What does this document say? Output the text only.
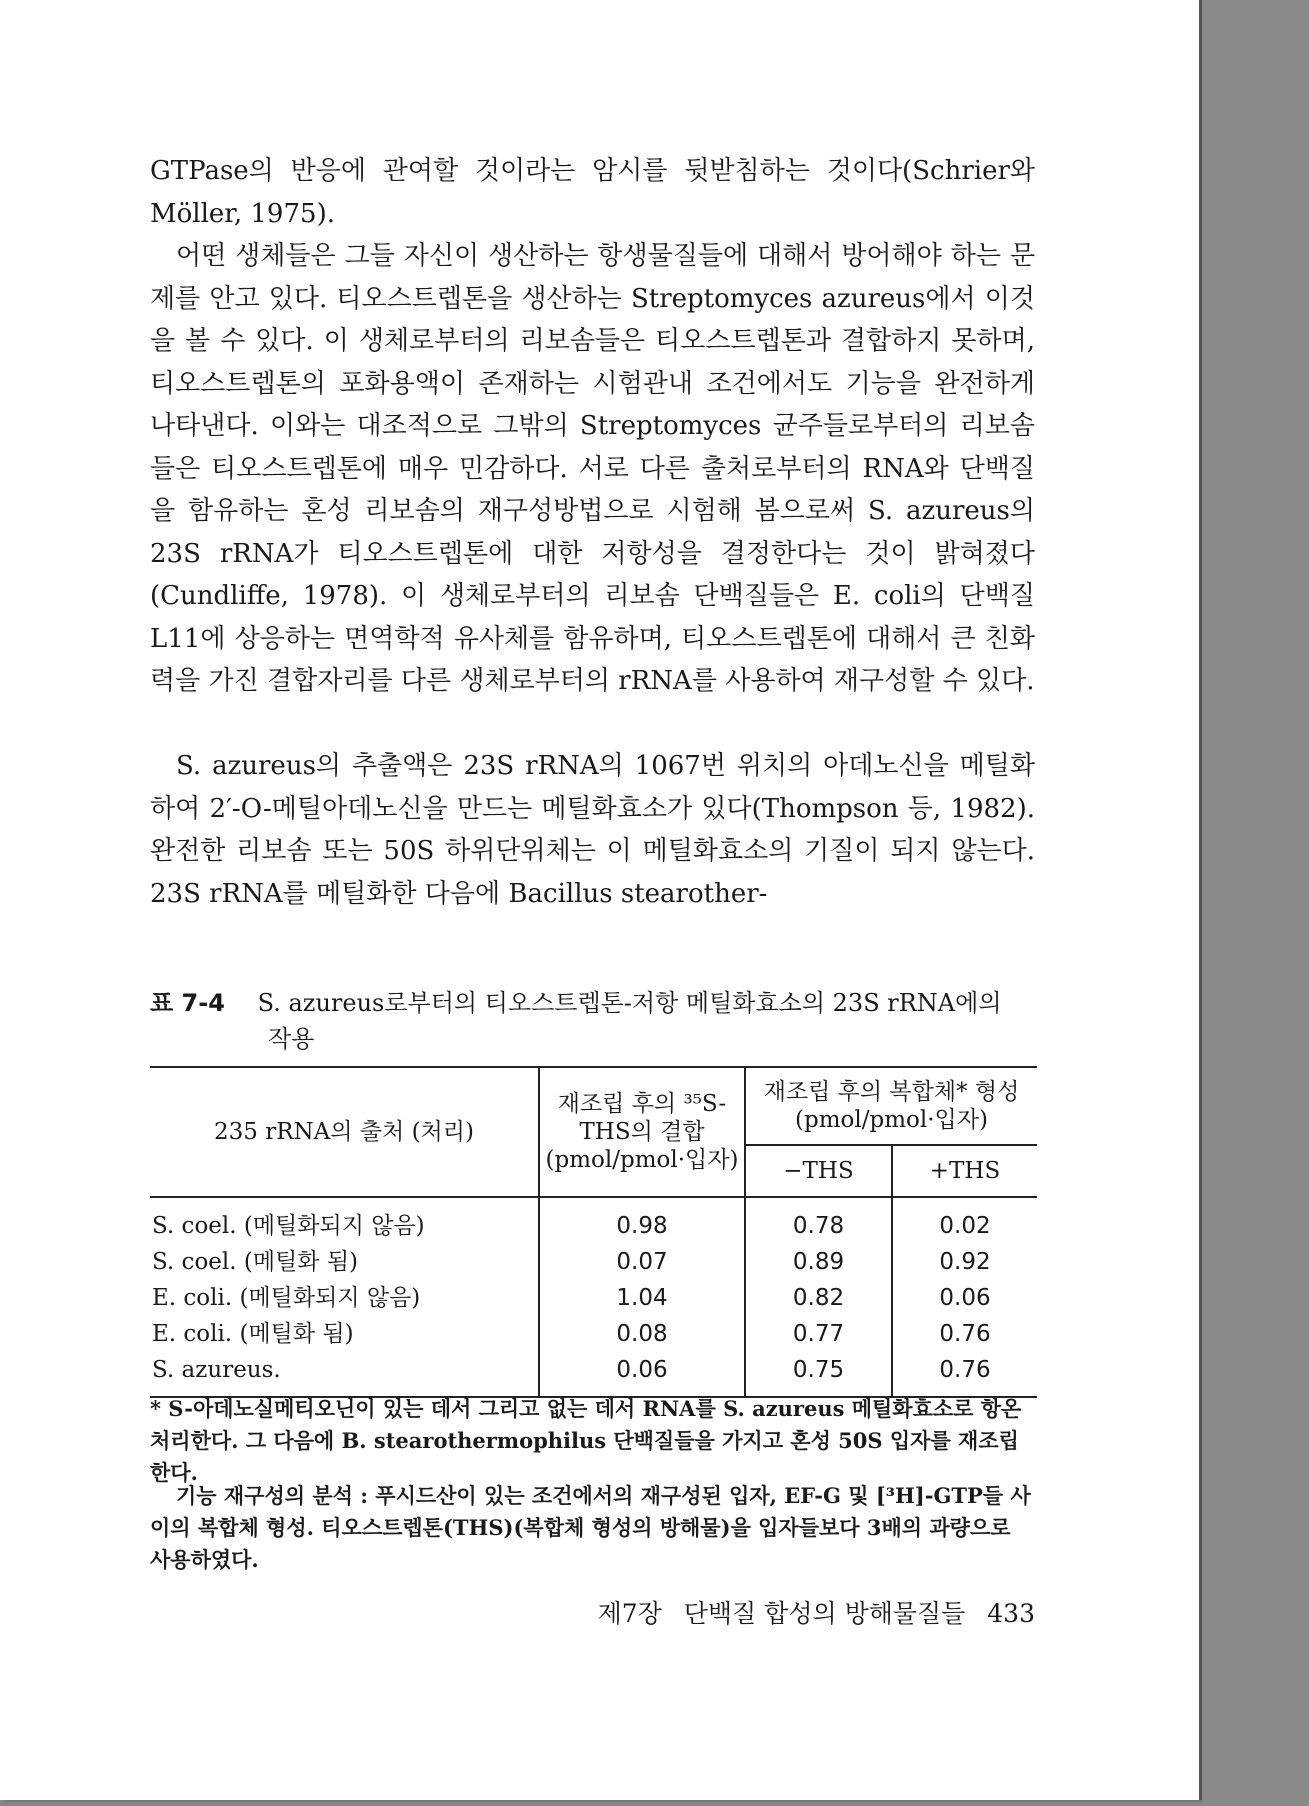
GTPase의 반응에 관여할 것이라는 암시를 뒷받침하는 것이다(Schrier와 Möller, 1975).

어떤 생체들은 그들 자신이 생산하는 항생물질들에 대해서 방어해야 하는 문제를 안고 있다. 티오스트렙톤을 생산하는 Streptomyces azureus에서 이것을 볼 수 있다. 이 생체로부터의 리보솜들은 티오스트렙톤과 결합하지 못하며, 티오스트렙톤의 포화용액이 존재하는 시험관내 조건에서도 기능을 완전하게 나타낸다. 이와는 대조적으로 그밖의 Streptomyces 균주들로부터의 리보솜들은 티오스트렙톤에 매우 민감하다. 서로 다른 출처로부터의 RNA와 단백질을 함유하는 혼성 리보솜의 재구성방법으로 시험해 봄으로써 S. azureus의 23S rRNA가 티오스트렙톤에 대한 저항성을 결정한다는 것이 밝혀졌다(Cundliffe, 1978). 이 생체로부터의 리보솜 단백질들은 E. coli의 단백질 L11에 상응하는 면역학적 유사체를 함유하며, 티오스트렙톤에 대해서 큰 친화력을 가진 결합자리를 다른 생체로부터의 rRNA를 사용하여 재구성할 수 있다.

S. azureus의 추출액은 23S rRNA의 1067번 위치의 아데노신을 메틸화하여 2′-O-메틸아데노신을 만드는 메틸화효소가 있다(Thompson 등, 1982). 완전한 리보솜 또는 50S 하위단위체는 이 메틸화효소의 기질이 되지 않는다. 23S rRNA를 메틸화한 다음에 Bacillus stearother-

표 7-4 S. azureus로부터의 티오스트렙톤-저항 메틸화효소의 23S rRNA에의
작용
235 rRNA의 출처 (처리)	재조립 후의 ³⁵S-THS의 결합 (pmol/pmol·입자)	재조립 후의 복합체* 형성 (pmol/pmol·입자)	
		−THS	+THS
S. coel. (메틸화되지 않음)	0.98	0.78	0.02
S. coel. (메틸화 됨)	0.07	0.89	0.92
E. coli. (메틸화되지 않음)	1.04	0.82	0.06
E. coli. (메틸화 됨)	0.08	0.77	0.76
S. azureus.	0.06	0.75	0.76

* S-아데노실메티오닌이 있는 데서 그리고 없는 데서 RNA를 S. azureus 메틸화효소로 항온처리한다. 그 다음에 B. stearothermophilus 단백질들을 가지고 혼성 50S 입자를 재조립한다.

기능 재구성의 분석 : 푸시드산이 있는 조건에서의 재구성된 입자, EF-G 및 [³H]-GTP들 사이의 복합체 형성. 티오스트렙톤(THS)(복합체 형성의 방해물)을 입자들보다 3배의 과량으로 사용하였다.

제7장 단백질 합성의 방해물질들 433
